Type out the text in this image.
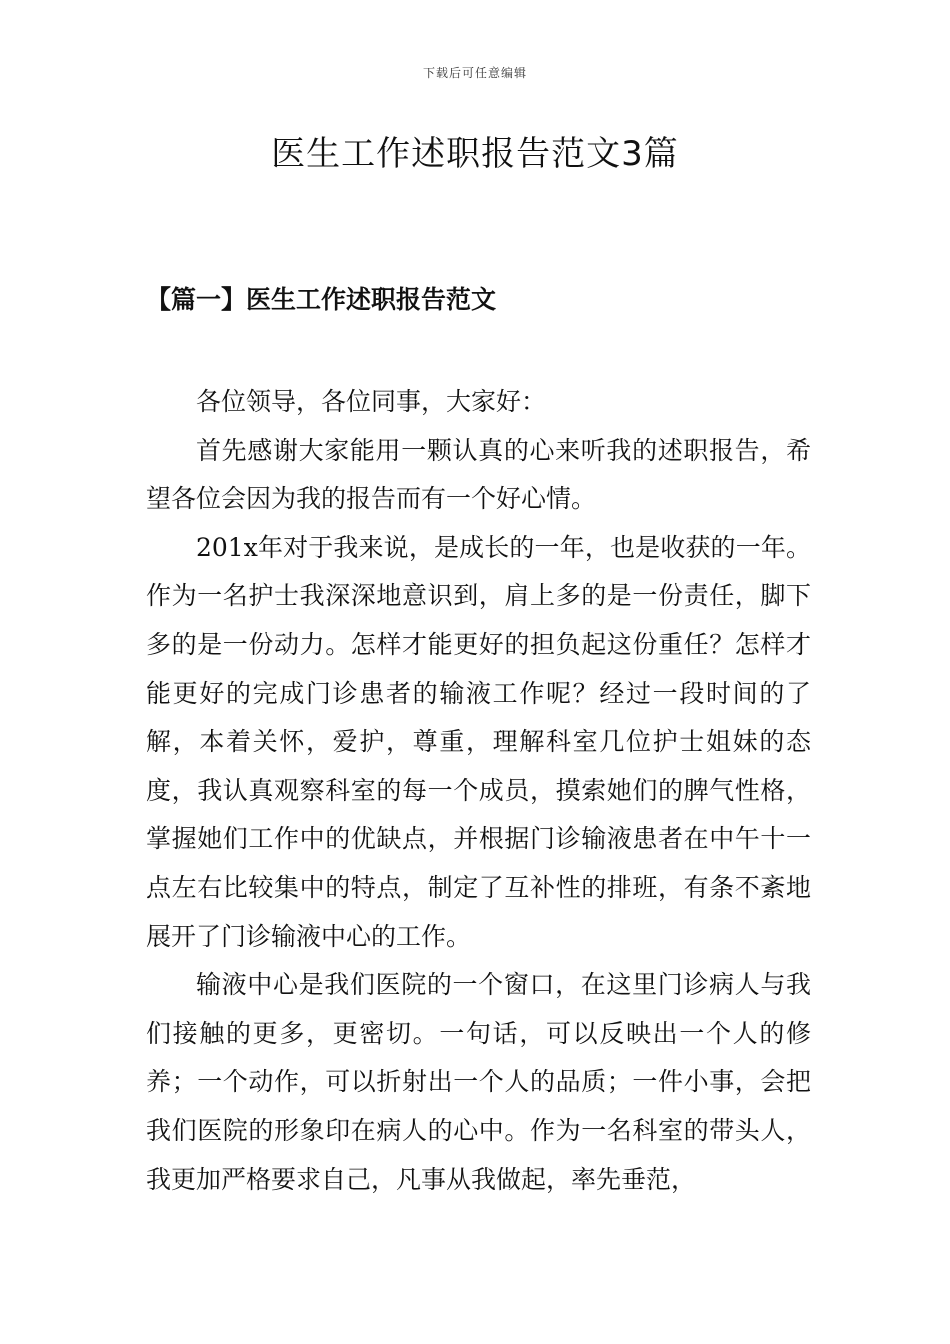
下载后可任意编辑
医生工作述职报告范文3篇
【篇一】医生工作述职报告范文

各位领导，各位同事，大家好：

首先感谢大家能用一颗认真的心来听我的述职报告，希望各位会因为我的报告而有一个好心情。

201x年对于我来说，是成长的一年，也是收获的一年。作为一名护士我深深地意识到，肩上多的是一份责任，脚下多的是一份动力。怎样才能更好的担负起这份重任？怎样才能更好的完成门诊患者的输液工作呢？经过一段时间的了解，本着关怀，爱护，尊重，理解科室几位护士姐妹的态度，我认真观察科室的每一个成员，摸索她们的脾气性格，掌握她们工作中的优缺点，并根据门诊输液患者在中午十一点左右比较集中的特点，制定了互补性的排班，有条不紊地展开了门诊输液中心的工作。

输液中心是我们医院的一个窗口，在这里门诊病人与我们接触的更多，更密切。一句话，可以反映出一个人的修养；一个动作，可以折射出一个人的品质；一件小事，会把我们医院的形象印在病人的心中。作为一名科室的带头人，我更加严格要求自己，凡事从我做起，率先垂范，
